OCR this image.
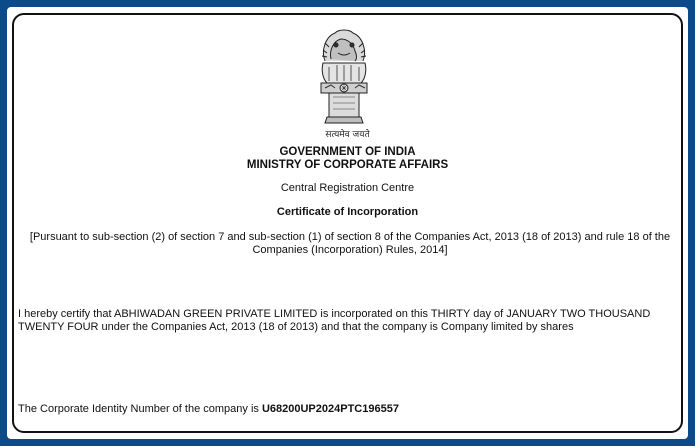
सत्यमेव जयते
GOVERNMENT OF INDIA
MINISTRY OF CORPORATE AFFAIRS
Central Registration Centre
Certificate of Incorporation
[Pursuant to sub-section (2) of section 7 and sub-section (1) of section 8 of the Companies Act, 2013 (18 of 2013) and rule 18 of the Companies (Incorporation) Rules, 2014]
I hereby certify that ABHIWADAN GREEN PRIVATE LIMITED is incorporated on this THIRTY day of JANUARY TWO THOUSAND TWENTY FOUR under the Companies Act, 2013 (18 of 2013) and that the company is Company limited by shares
The Corporate Identity Number of the company is U68200UP2024PTC196557
